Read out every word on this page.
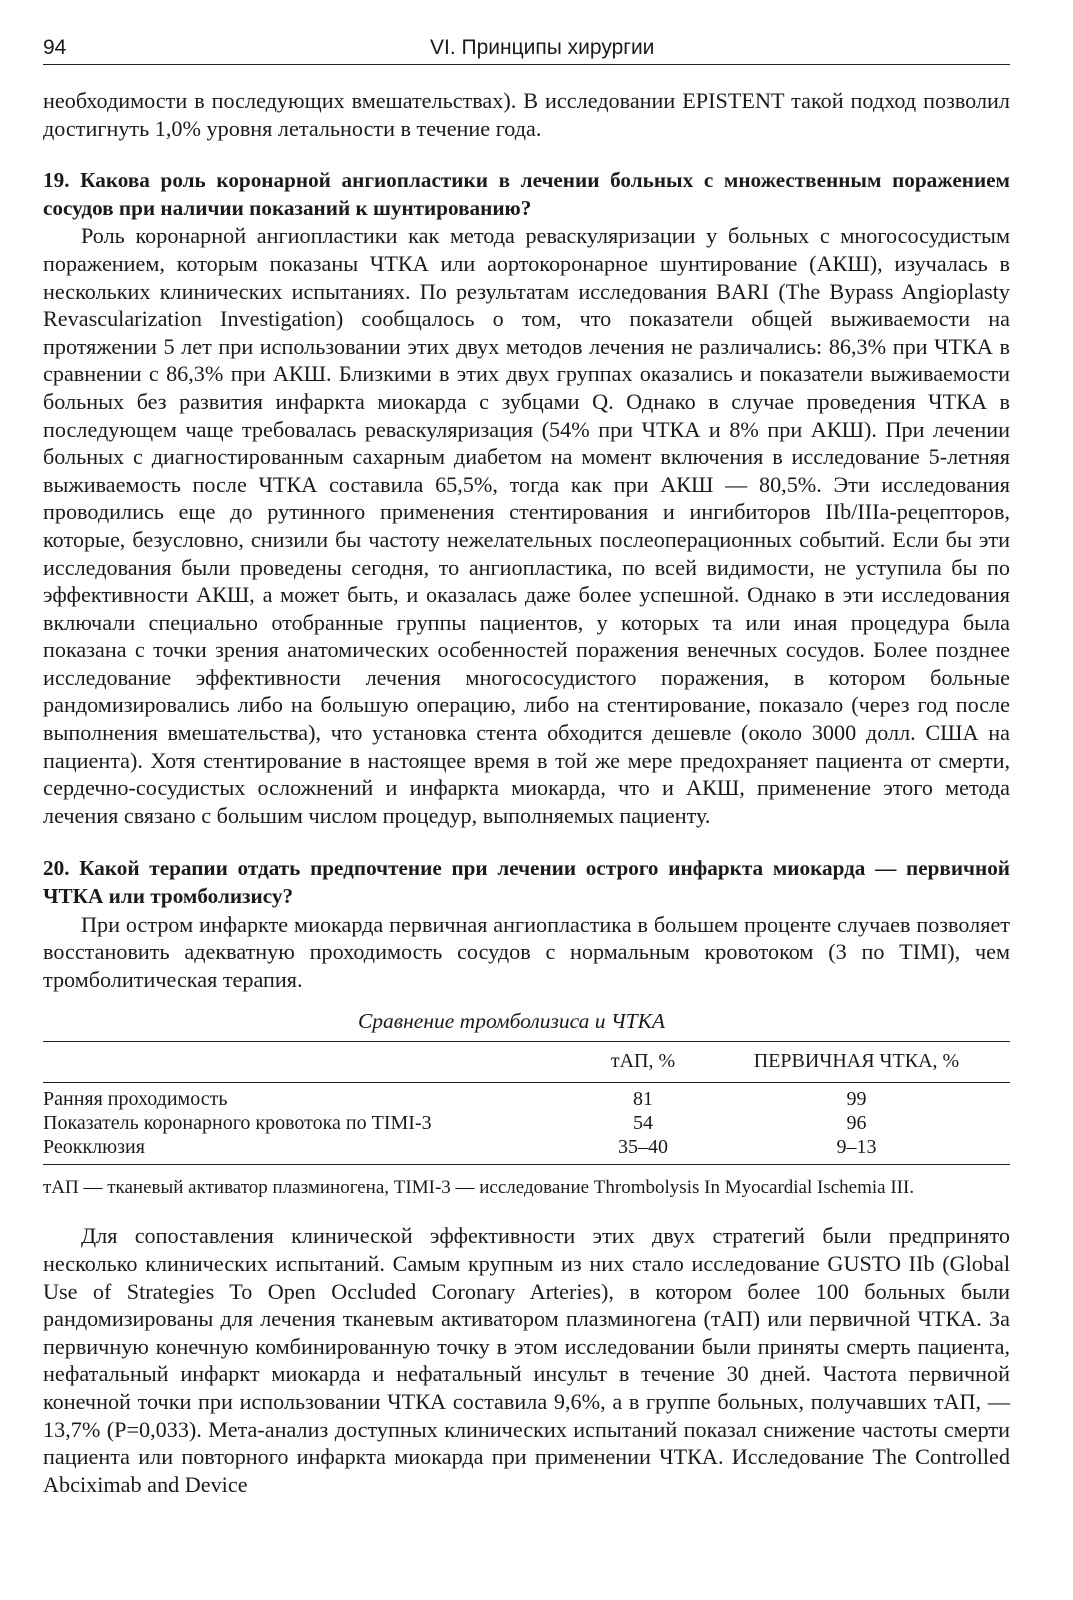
94	VI. Принципы хирургии

необходимости в последующих вмешательствах). В исследовании EPISTENT такой подход позволил достигнуть 1,0% уровня летальности в течение года.

19. Какова роль коронарной ангиопластики в лечении больных с множественным поражением сосудов при наличии показаний к шунтированию?

Роль коронарной ангиопластики как метода реваскуляризации у больных с многососудистым поражением, которым показаны ЧТКА или аортокоронарное шунтирование (АКШ), изучалась в нескольких клинических испытаниях. По результатам исследования BARI (The Bypass Angioplasty Revascularization Investigation) сообщалось о том, что показатели общей выживаемости на протяжении 5 лет при использовании этих двух методов лечения не различались: 86,3% при ЧТКА в сравнении с 86,3% при АКШ. Близкими в этих двух группах оказались и показатели выживаемости больных без развития инфаркта миокарда с зубцами Q. Однако в случае проведения ЧТКА в последующем чаще требовалась реваскуляризация (54% при ЧТКА и 8% при АКШ). При лечении больных с диагностированным сахарным диабетом на момент включения в исследование 5-летняя выживаемость после ЧТКА составила 65,5%, тогда как при АКШ — 80,5%. Эти исследования проводились еще до рутинного применения стентирования и ингибиторов IIb/IIIa-рецепторов, которые, безусловно, снизили бы частоту нежелательных послеоперационных событий. Если бы эти исследования были проведены сегодня, то ангиопластика, по всей видимости, не уступила бы по эффективности АКШ, а может быть, и оказалась даже более успешной. Однако в эти исследования включали специально отобранные группы пациентов, у которых та или иная процедура была показана с точки зрения анатомических особенностей поражения венечных сосудов. Более позднее исследование эффективности лечения многососудистого поражения, в котором больные рандомизировались либо на большую операцию, либо на стентирование, показало (через год после выполнения вмешательства), что установка стента обходится дешевле (около 3000 долл. США на пациента). Хотя стентирование в настоящее время в той же мере предохраняет пациента от смерти, сердечно-сосудистых осложнений и инфаркта миокарда, что и АКШ, применение этого метода лечения связано с большим числом процедур, выполняемых пациенту.

20. Какой терапии отдать предпочтение при лечении острого инфаркта миокарда — первичной ЧТКА или тромболизису?

При остром инфаркте миокарда первичная ангиопластика в большем проценте случаев позволяет восстановить адекватную проходимость сосудов с нормальным кровотоком (3 по TIMI), чем тромболитическая терапия.

Сравнение тромболизиса и ЧТКА

	тАП, %	ПЕРВИЧНАЯ ЧТКА, %
Ранняя проходимость	81	99
Показатель коронарного кровотока по TIMI-3	54	96
Реокклюзия	35–40	9–13

тАП — тканевый активатор плазминогена, TIMI-3 — исследование Thrombolysis In Myocardial Ischemia III.

Для сопоставления клинической эффективности этих двух стратегий были предпринято несколько клинических испытаний. Самым крупным из них стало исследование GUSTO IIb (Global Use of Strategies To Open Occluded Coronary Arteries), в котором более 100 больных были рандомизированы для лечения тканевым активатором плазминогена (тАП) или первичной ЧТКА. За первичную конечную комбинированную точку в этом исследовании были приняты смерть пациента, нефатальный инфаркт миокарда и нефатальный инсульт в течение 30 дней. Частота первичной конечной точки при использовании ЧТКА составила 9,6%, а в группе больных, получавших тАП, — 13,7% (P=0,033). Мета-анализ доступных клинических испытаний показал снижение частоты смерти пациента или повторного инфаркта миокарда при применении ЧТКА. Исследование The Controlled Abciximab and Device
